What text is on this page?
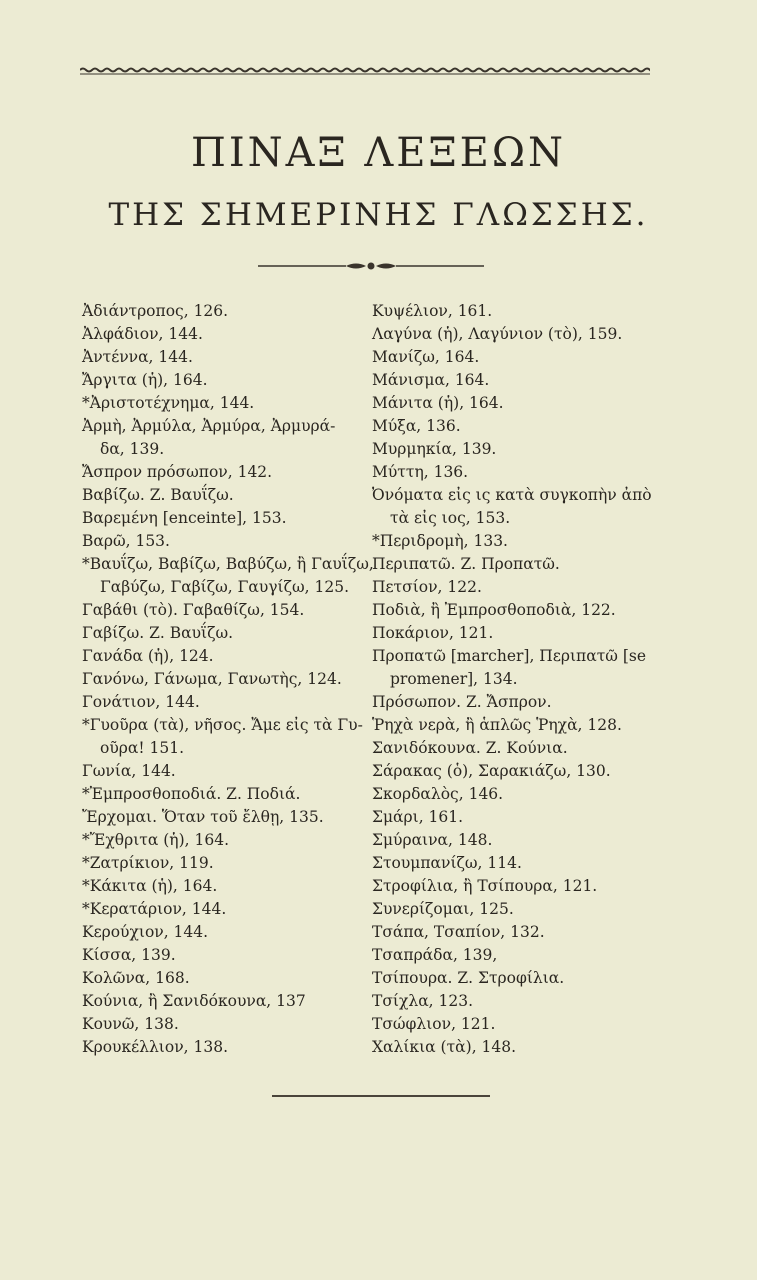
ΠΙΝΑΞ ΛΕΞΕΩΝ
ΤΗΣ ΣΗΜΕΡΙΝΗΣ ΓΛΩΣΣΗΣ.
Ἀδιάντροπος, 126.
Ἀλφάδιον, 144.
Ἀντέννα, 144.
Ἄργιτα (ἡ), 164.
*Ἀριστοτέχνημα, 144.
Ἀρμὴ, Ἀρμύλα, Ἀρμύρα, Ἀρμυρά-
δα, 139.
Ἄσπρον πρόσωπον, 142.
Βαβίζω. Ζ. Βαυΐζω.
Βαρεμένη [enceinte], 153.
Βαρῶ, 153.
*Βαυΐζω, Βαβίζω, Βαβύζω, ἢ Γαυΐζω,
Γαβύζω, Γαβίζω, Γαυγίζω, 125.
Γαβάθι (τὸ). Γαβαθίζω, 154.
Γαβίζω. Ζ. Βαυΐζω.
Γανάδα (ἡ), 124.
Γανόνω, Γάνωμα, Γανωτὴς, 124.
Γονάτιον, 144.
*Γυοῦρα (τὰ), νῆσος. Ἄμε εἰς τὰ Γυ-
οῦρα! 151.
Γωνία, 144.
*Ἐμπροσθοποδιά. Ζ. Ποδιά.
Ἔρχομαι. Ὅταν τοῦ ἔλθῃ, 135.
*Ἔχθριτα (ἡ), 164.
*Ζατρίκιον, 119.
*Κάκιτα (ἡ), 164.
*Κερατάριον, 144.
Κερούχιον, 144.
Κίσσα, 139.
Κολῶνα, 168.
Κούνια, ἢ Σανιδόκουνα, 137
Κουνῶ, 138.
Κρουκέλλιον, 138.
Κυψέλιον, 161.
Λαγύνα (ἡ), Λαγύνιον (τὸ), 159.
Μανίζω, 164.
Μάνισμα, 164.
Μάνιτα (ἡ), 164.
Μύξα, 136.
Μυρμηκία, 139.
Μύττη, 136.
Ὀνόματα εἰς ις κατὰ συγκοπὴν ἀπὸ
τὰ εἰς ιος, 153.
*Περιδρομὴ, 133.
Περιπατῶ. Ζ. Προπατῶ.
Πετσίον, 122.
Ποδιὰ, ἢ Ἐμπροσθοποδιὰ, 122.
Ποκάριον, 121.
Προπατῶ [marcher], Περιπατῶ [se
promener], 134.
Πρόσωπον. Ζ. Ἄσπρον.
Ῥηχὰ νερὰ, ἢ ἁπλῶς Ῥηχὰ, 128.
Σανιδόκουνα. Ζ. Κούνια.
Σάρακας (ὁ), Σαρακιάζω, 130.
Σκορδαλὸς, 146.
Σμάρι, 161.
Σμύραινα, 148.
Στουμπανίζω, 114.
Στροφίλια, ἢ Τσίπουρα, 121.
Συνερίζομαι, 125.
Τσάπα, Τσαπίον, 132.
Τσαπράδα, 139,
Τσίπουρα. Ζ. Στροφίλια.
Τσίχλα, 123.
Τσώφλιον, 121.
Χαλίκια (τὰ), 148.
